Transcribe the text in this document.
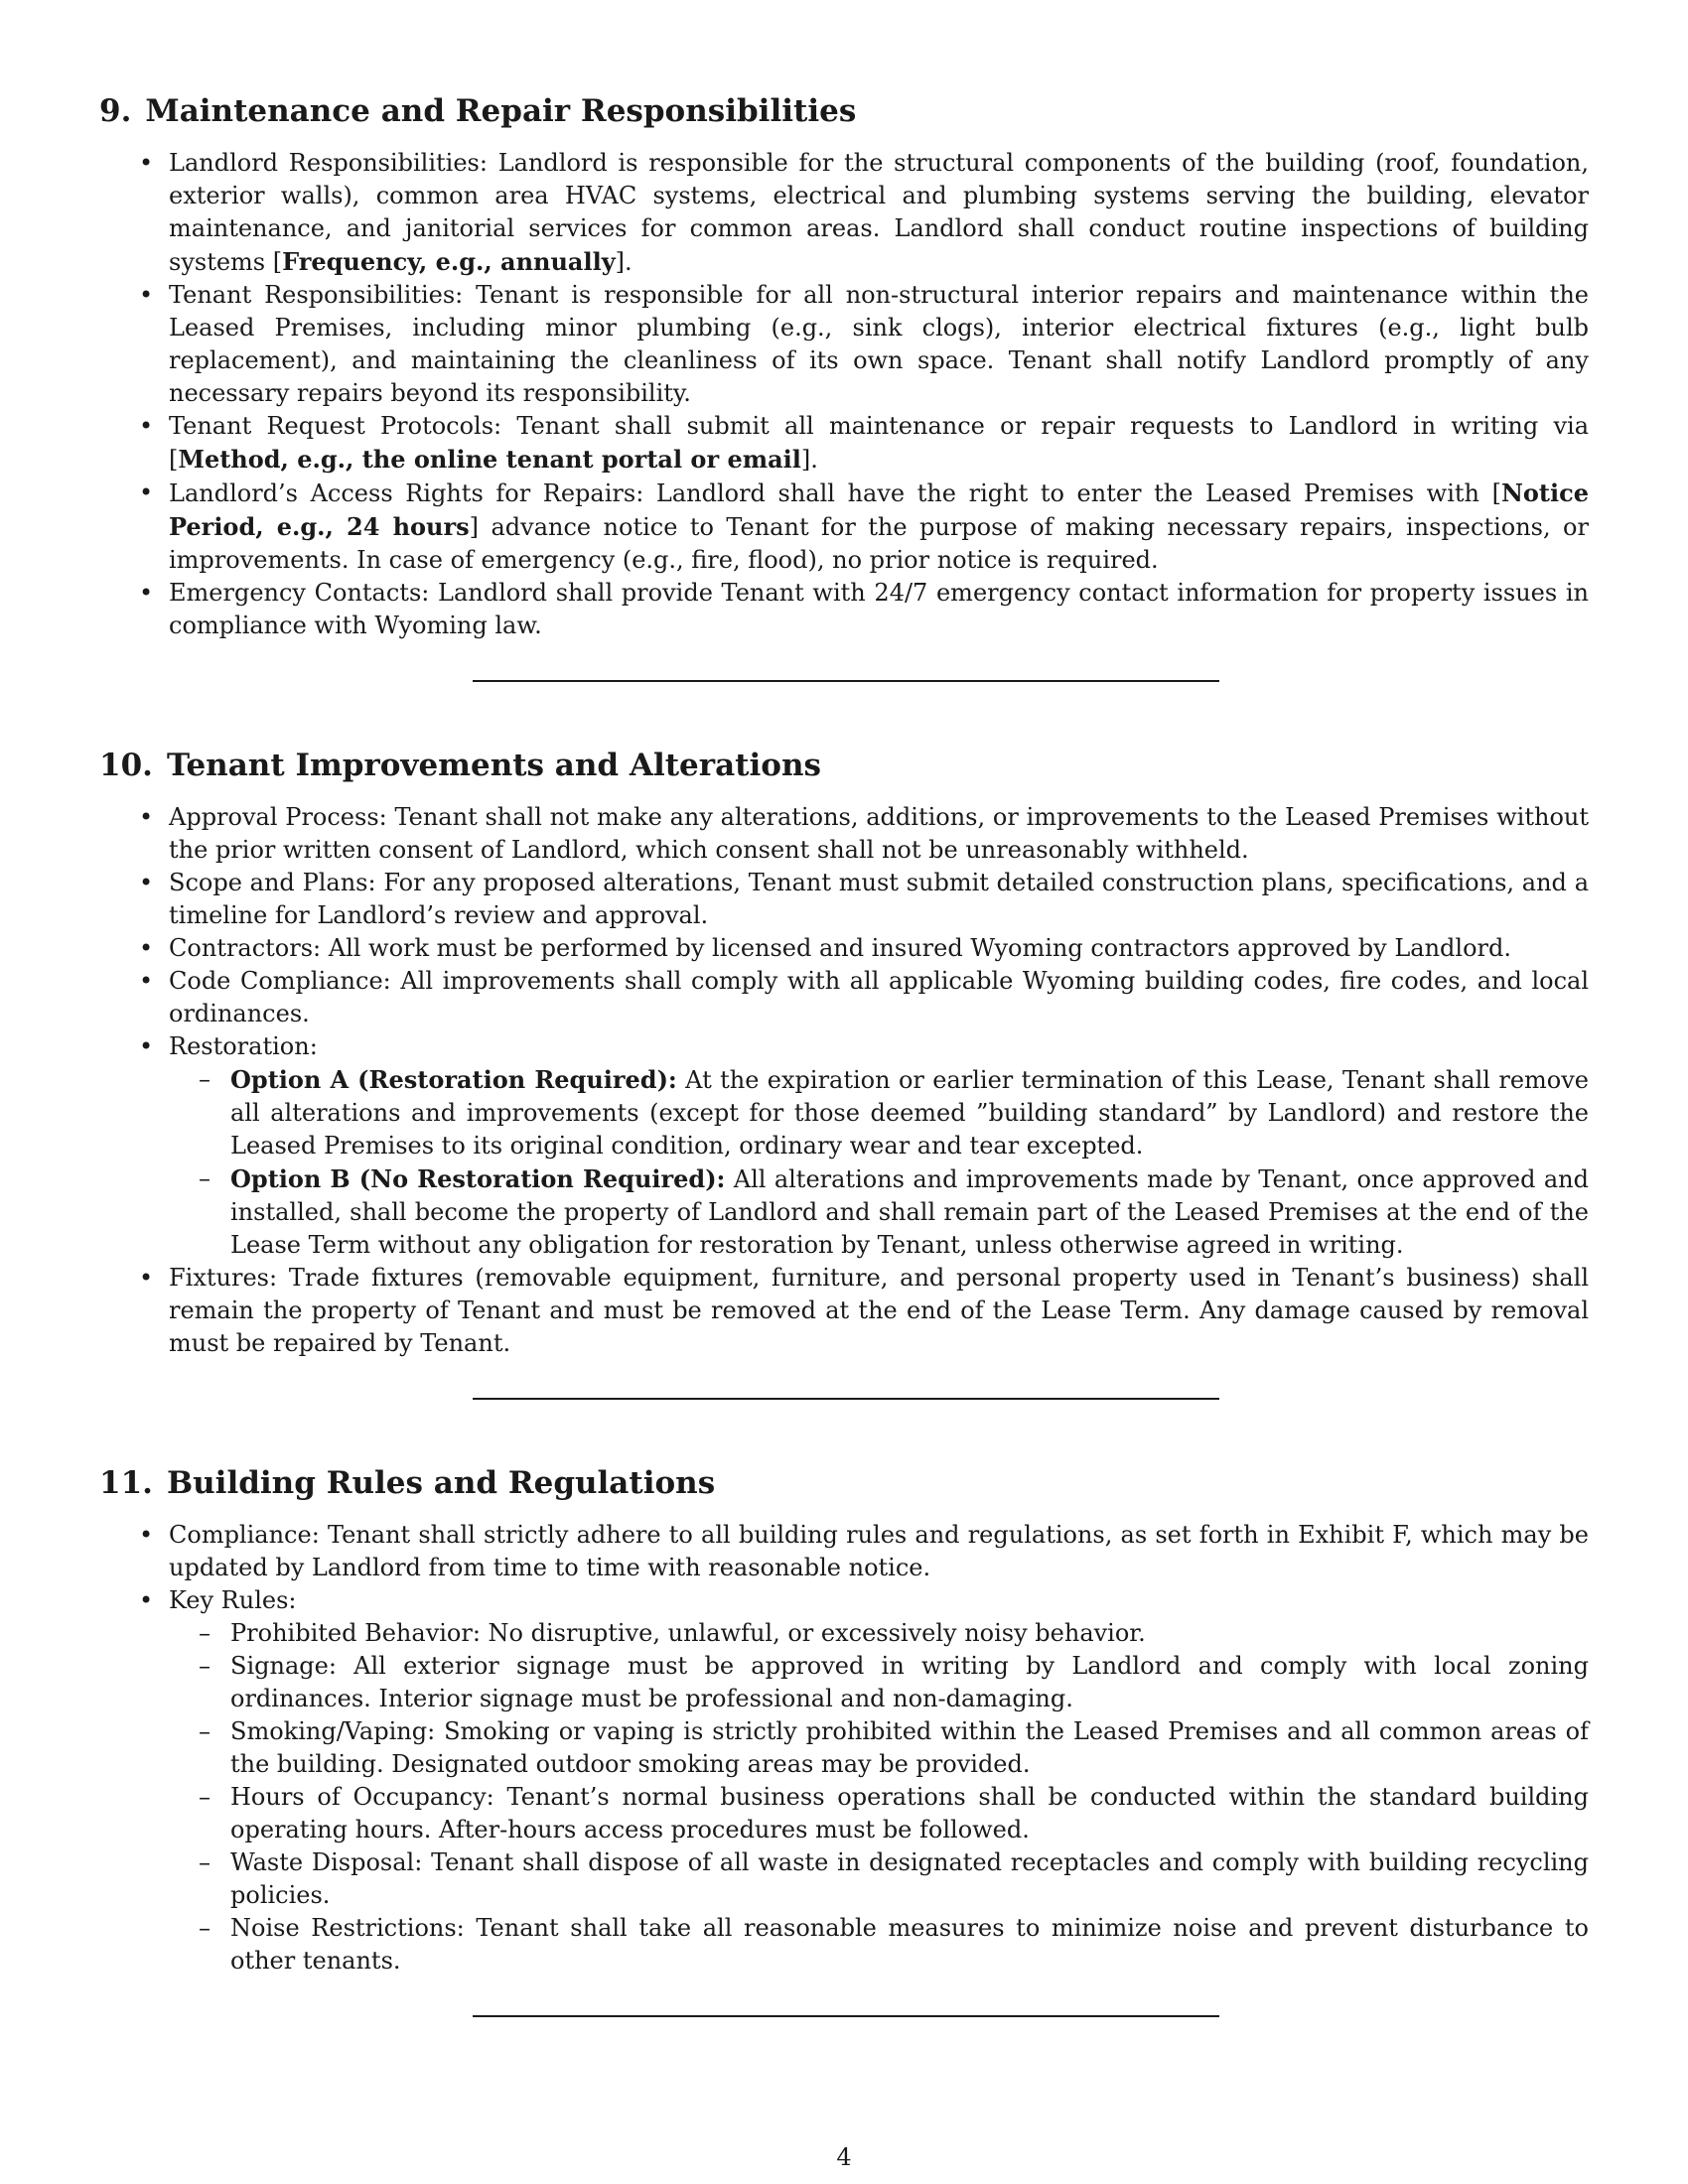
9. Maintenance and Repair Responsibilities
• Landlord Responsibilities: Landlord is responsible for the structural components of the building (roof, foundation, exterior walls), common area HVAC systems, electrical and plumbing systems serving the building, elevator maintenance, and janitorial services for common areas. Landlord shall conduct routine inspections of building systems [Frequency, e.g., annually].
• Tenant Responsibilities: Tenant is responsible for all non-structural interior repairs and maintenance within the Leased Premises, including minor plumbing (e.g., sink clogs), interior electrical fixtures (e.g., light bulb replacement), and maintaining the cleanliness of its own space. Tenant shall notify Landlord promptly of any necessary repairs beyond its responsibility.
• Tenant Request Protocols: Tenant shall submit all maintenance or repair requests to Landlord in writing via [Method, e.g., the online tenant portal or email].
• Landlord’s Access Rights for Repairs: Landlord shall have the right to enter the Leased Premises with [Notice Period, e.g., 24 hours] advance notice to Tenant for the purpose of making necessary repairs, inspections, or improvements. In case of emergency (e.g., fire, flood), no prior notice is required.
• Emergency Contacts: Landlord shall provide Tenant with 24/7 emergency contact information for property issues in compliance with Wyoming law.
10. Tenant Improvements and Alterations
• Approval Process: Tenant shall not make any alterations, additions, or improvements to the Leased Premises without the prior written consent of Landlord, which consent shall not be unreasonably withheld.
• Scope and Plans: For any proposed alterations, Tenant must submit detailed construction plans, specifications, and a timeline for Landlord’s review and approval.
• Contractors: All work must be performed by licensed and insured Wyoming contractors approved by Landlord.
• Code Compliance: All improvements shall comply with all applicable Wyoming building codes, fire codes, and local ordinances.
• Restoration:
– Option A (Restoration Required): At the expiration or earlier termination of this Lease, Tenant shall remove all alterations and improvements (except for those deemed ”building standard” by Landlord) and restore the Leased Premises to its original condition, ordinary wear and tear excepted.
– Option B (No Restoration Required): All alterations and improvements made by Tenant, once approved and installed, shall become the property of Landlord and shall remain part of the Leased Premises at the end of the Lease Term without any obligation for restoration by Tenant, unless otherwise agreed in writing.
• Fixtures: Trade fixtures (removable equipment, furniture, and personal property used in Tenant’s business) shall remain the property of Tenant and must be removed at the end of the Lease Term. Any damage caused by removal must be repaired by Tenant.
11. Building Rules and Regulations
• Compliance: Tenant shall strictly adhere to all building rules and regulations, as set forth in Exhibit F, which may be updated by Landlord from time to time with reasonable notice.
• Key Rules:
– Prohibited Behavior: No disruptive, unlawful, or excessively noisy behavior.
– Signage: All exterior signage must be approved in writing by Landlord and comply with local zoning ordinances. Interior signage must be professional and non-damaging.
– Smoking/Vaping: Smoking or vaping is strictly prohibited within the Leased Premises and all common areas of the building. Designated outdoor smoking areas may be provided.
– Hours of Occupancy: Tenant’s normal business operations shall be conducted within the standard building operating hours. After-hours access procedures must be followed.
– Waste Disposal: Tenant shall dispose of all waste in designated receptacles and comply with building recycling policies.
– Noise Restrictions: Tenant shall take all reasonable measures to minimize noise and prevent disturbance to other tenants.
4
